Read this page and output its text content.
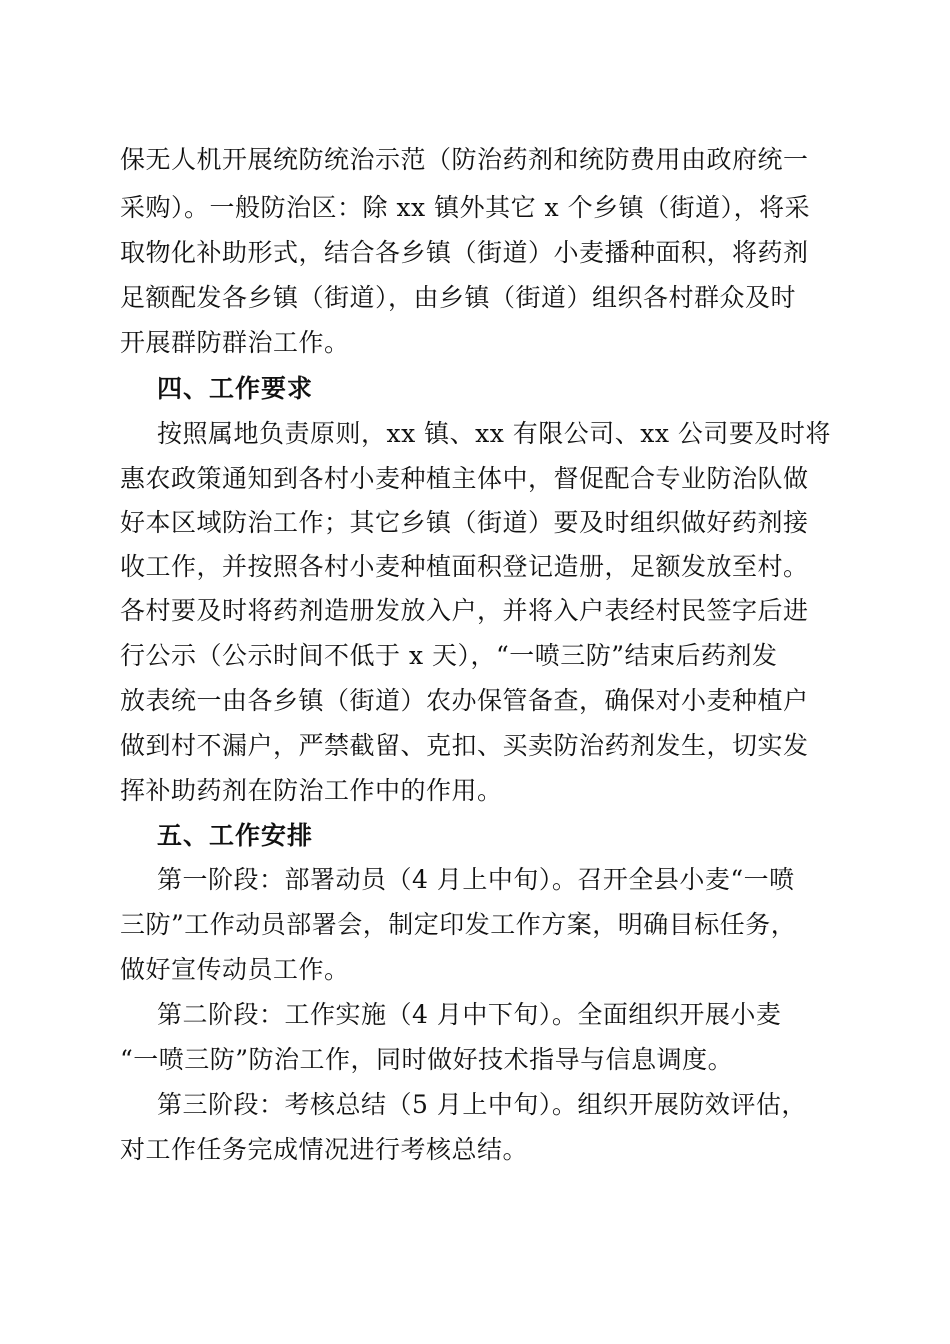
保无人机开展统防统治示范（防治药剂和统防费用由政府统一
采购）。一般防治区：除 xx 镇外其它 x 个乡镇（街道），将采
取物化补助形式，结合各乡镇（街道）小麦播种面积，将药剂
足额配发各乡镇（街道），由乡镇（街道）组织各村群众及时
开展群防群治工作。
四、工作要求
按照属地负责原则，xx 镇、xx 有限公司、xx 公司要及时将
惠农政策通知到各村小麦种植主体中，督促配合专业防治队做
好本区域防治工作；其它乡镇（街道）要及时组织做好药剂接
收工作，并按照各村小麦种植面积登记造册，足额发放至村。
各村要及时将药剂造册发放入户，并将入户表经村民签字后进
行公示（公示时间不低于 x 天），“一喷三防”结束后药剂发
放表统一由各乡镇（街道）农办保管备查，确保对小麦种植户
做到村不漏户，严禁截留、克扣、买卖防治药剂发生，切实发
挥补助药剂在防治工作中的作用。
五、工作安排
第一阶段：部署动员（4 月上中旬）。召开全县小麦“一喷
三防”工作动员部署会，制定印发工作方案，明确目标任务，
做好宣传动员工作。
第二阶段：工作实施（4 月中下旬）。全面组织开展小麦
“一喷三防”防治工作，同时做好技术指导与信息调度。
第三阶段：考核总结（5 月上中旬）。组织开展防效评估，
对工作任务完成情况进行考核总结。
